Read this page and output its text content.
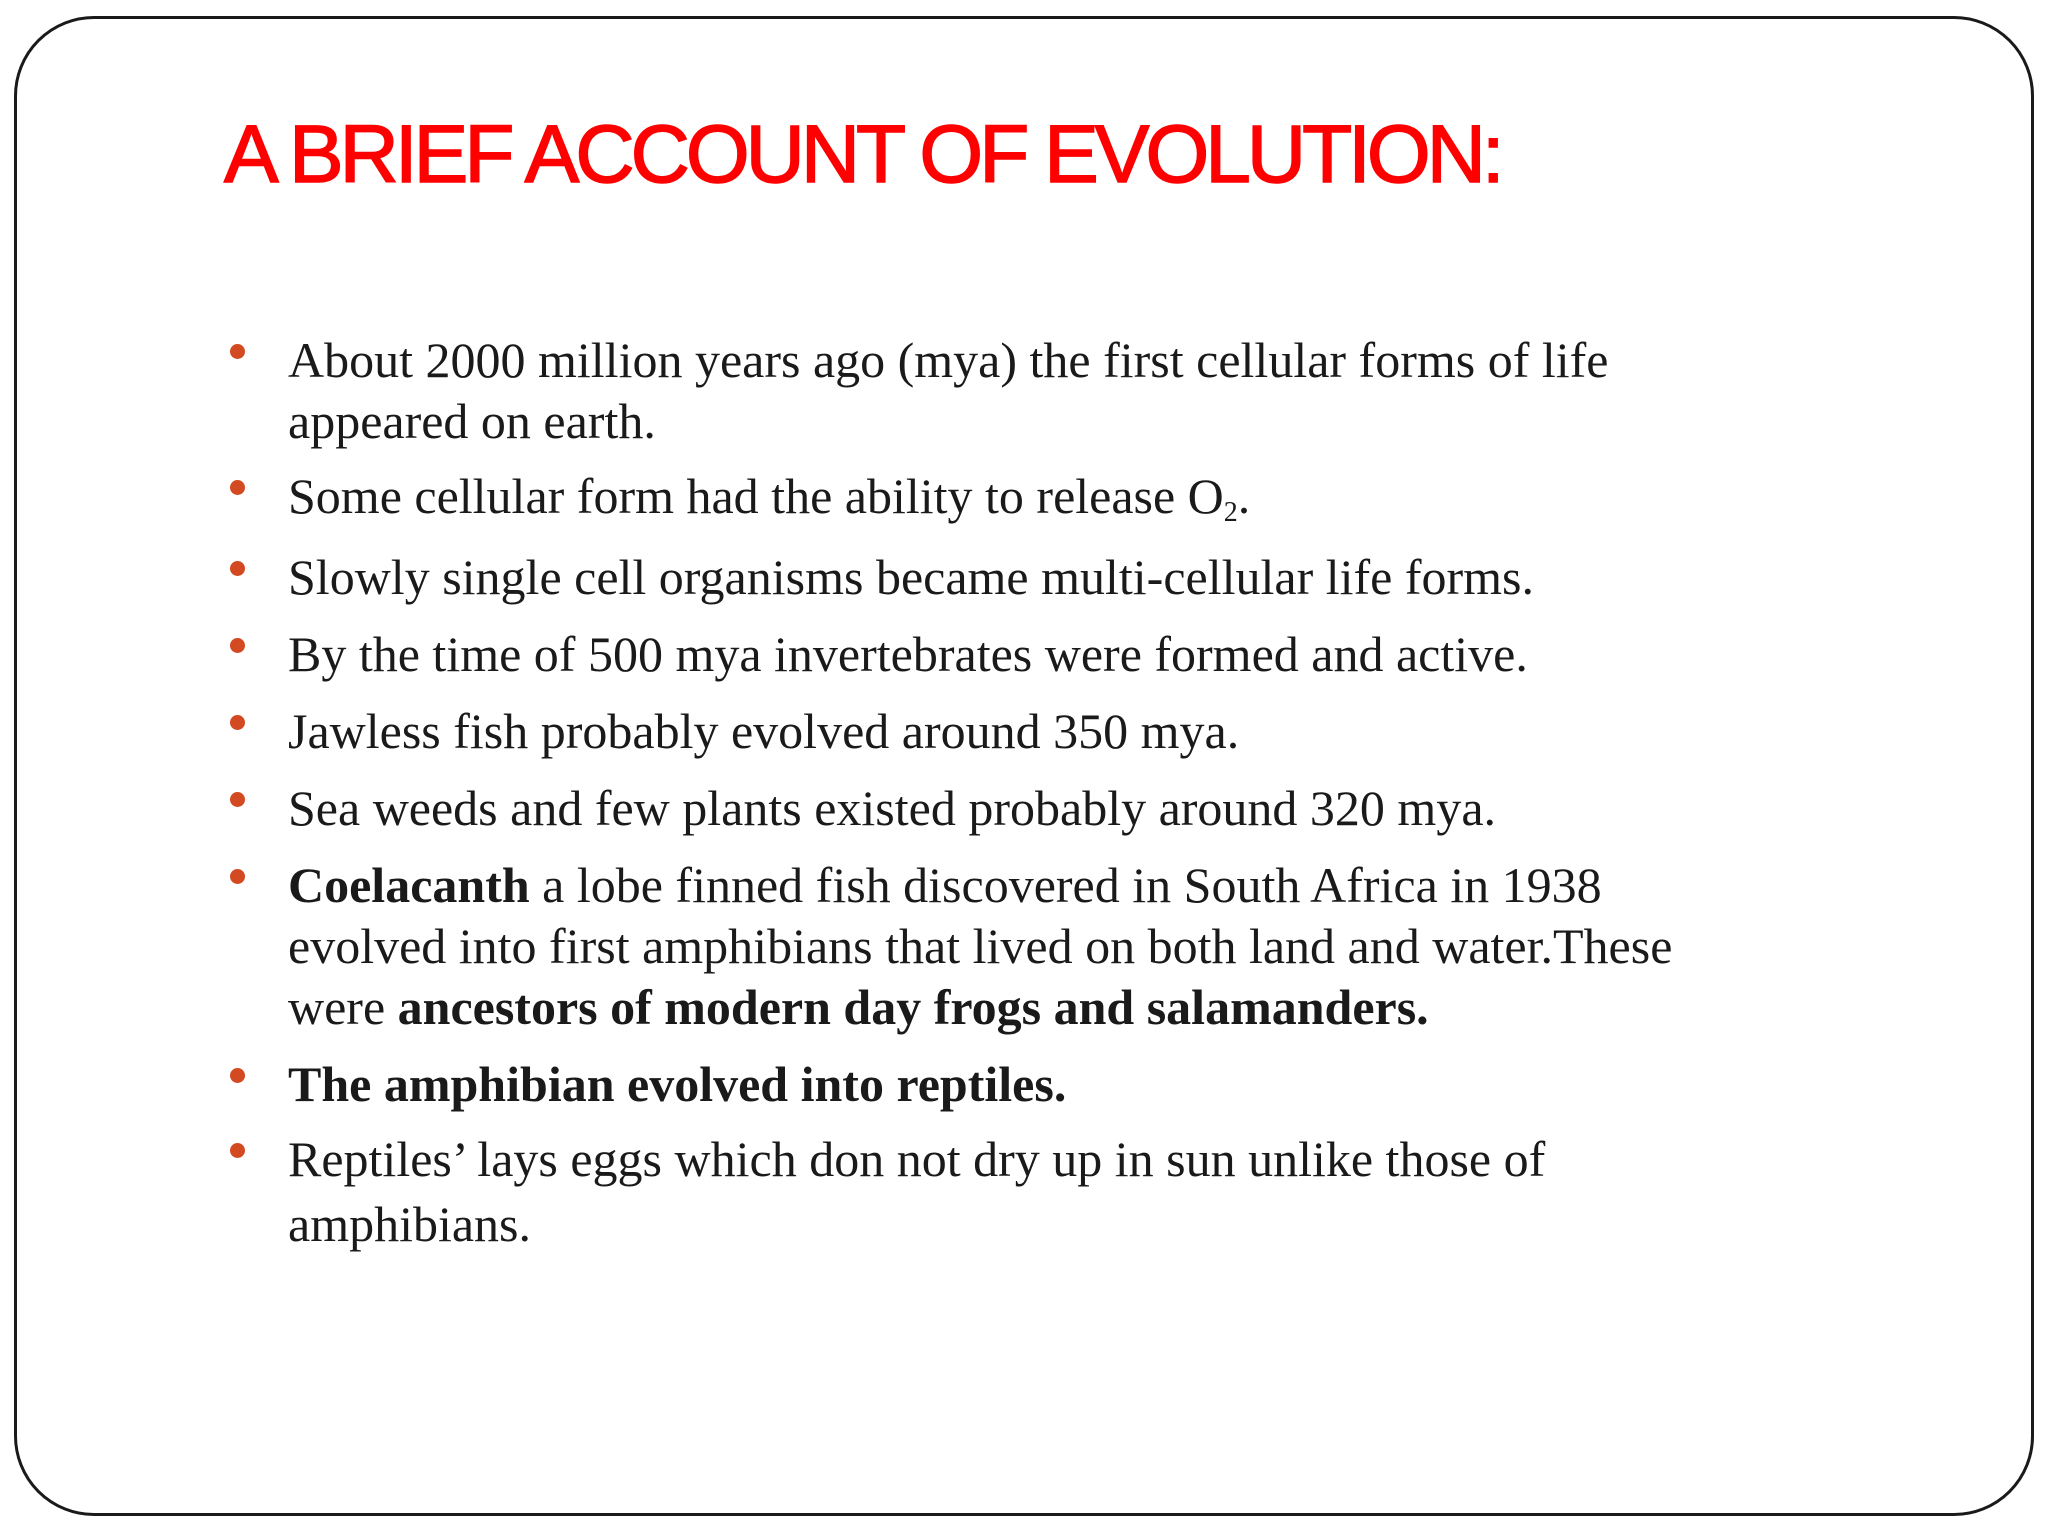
A BRIEF ACCOUNT OF EVOLUTION:
About 2000 million years ago (mya) the first cellular forms of life
appeared on earth.
Some cellular form had the ability to release $O_2$.
Slowly single cell organisms became multi-cellular life forms.
By the time of 500 mya invertebrates were formed and active.
Jawless fish probably evolved around 350 mya.
Sea weeds and few plants existed probably around 320 mya.
Coelacanth a lobe finned fish discovered in South Africa in 1938
evolved into first amphibians that lived on both land and water.These
were ancestors of modern day frogs and salamanders.
The amphibian evolved into reptiles.
Reptiles’ lays eggs which don not dry up in sun unlike those of
amphibians.
